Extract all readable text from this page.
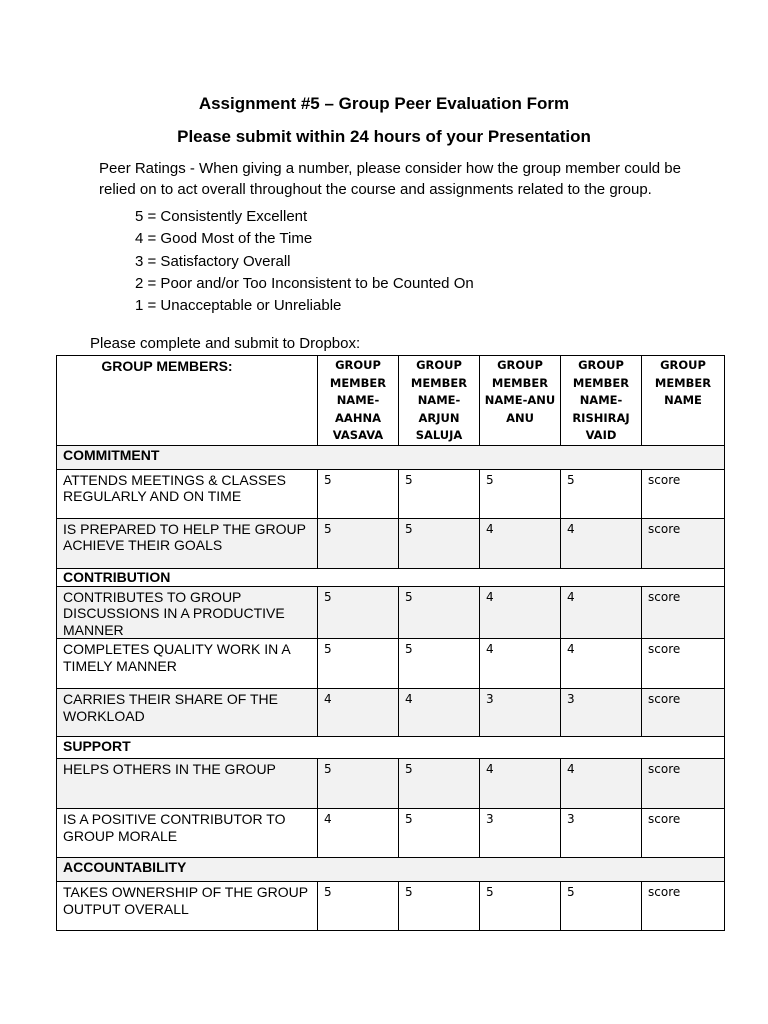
Assignment #5 – Group Peer Evaluation Form
Please submit within 24 hours of your Presentation
Peer Ratings - When giving a number, please consider how the group member could be relied on to act overall throughout the course and assignments related to the group.
5 = Consistently Excellent
4 = Good Most of the Time
3 = Satisfactory Overall
2 = Poor and/or Too Inconsistent to be Counted On
1 = Unacceptable or Unreliable
Please complete and submit to Dropbox:
GROUP MEMBERS:	GROUP MEMBER NAME-AAHNA VASAVA	GROUP MEMBER NAME-ARJUN SALUJA	GROUP MEMBER NAME-ANU ANU	GROUP MEMBER NAME-RISHIRAJ VAID	GROUP MEMBER NAME
COMMITMENT					
ATTENDS MEETINGS & CLASSES REGULARLY AND ON TIME	5	5	5	5	score
IS PREPARED TO HELP THE GROUP ACHIEVE THEIR GOALS	5	5	4	4	score
CONTRIBUTION					
CONTRIBUTES TO GROUP DISCUSSIONS IN A PRODUCTIVE MANNER	5	5	4	4	score
COMPLETES QUALITY WORK IN A TIMELY MANNER	5	5	4	4	score
CARRIES THEIR SHARE OF THE WORKLOAD	4	4	3	3	score
SUPPORT					
HELPS OTHERS IN THE GROUP	5	5	4	4	score
IS A POSITIVE CONTRIBUTOR TO GROUP MORALE	4	5	3	3	score
ACCOUNTABILITY					
TAKES OWNERSHIP OF THE GROUP OUTPUT OVERALL	5	5	5	5	score
